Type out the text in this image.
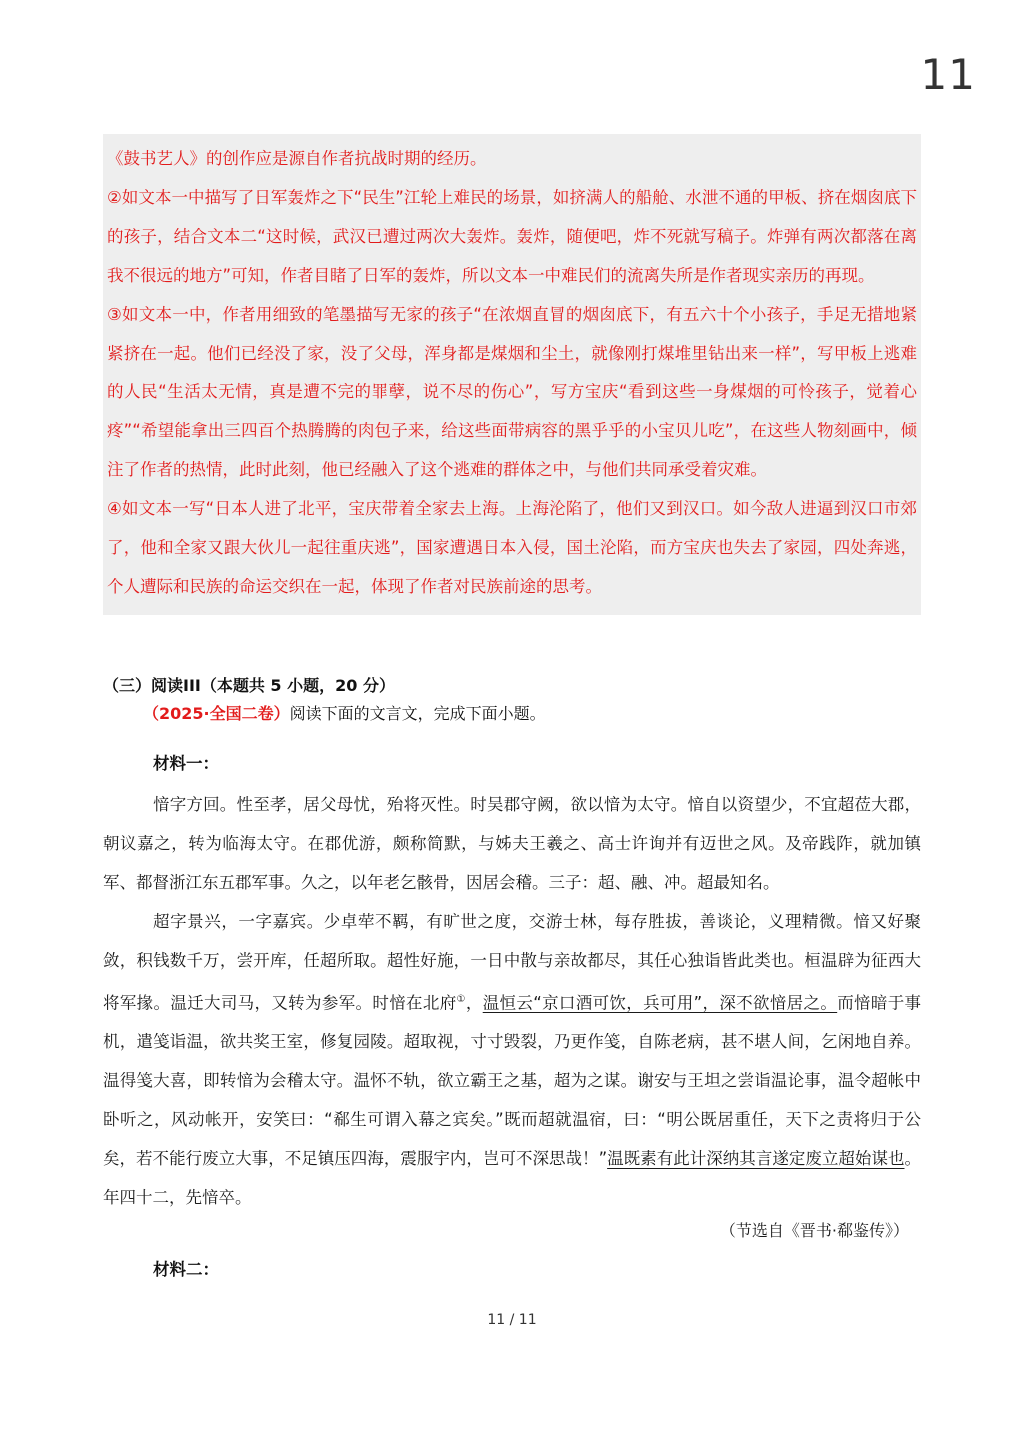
11

《鼓书艺人》的创作应是源自作者抗战时期的经历。

②如文本一中描写了日军轰炸之下“民生”江轮上难民的场景，如挤满人的船舱、水泄不通的甲板、挤在烟囱底下的孩子，结合文本二“这时候，武汉已遭过两次大轰炸。轰炸，随便吧，炸不死就写稿子。炸弹有两次都落在离我不很远的地方”可知，作者目睹了日军的轰炸，所以文本一中难民们的流离失所是作者现实亲历的再现。

③如文本一中，作者用细致的笔墨描写无家的孩子“在浓烟直冒的烟囱底下，有五六十个小孩子，手足无措地紧紧挤在一起。他们已经没了家，没了父母，浑身都是煤烟和尘土，就像刚打煤堆里钻出来一样”，写甲板上逃难的人民“生活太无情，真是遭不完的罪孽，说不尽的伤心”，写方宝庆“看到这些一身煤烟的可怜孩子，觉着心疼”“希望能拿出三四百个热腾腾的肉包子来，给这些面带病容的黑乎乎的小宝贝儿吃”，在这些人物刻画中，倾注了作者的热情，此时此刻，他已经融入了这个逃难的群体之中，与他们共同承受着灾难。

④如文本一写“日本人进了北平，宝庆带着全家去上海。上海沦陷了，他们又到汉口。如今敌人进逼到汉口市郊了，他和全家又跟大伙儿一起往重庆逃”，国家遭遇日本入侵，国土沦陷，而方宝庆也失去了家园，四处奔逃，个人遭际和民族的命运交织在一起，体现了作者对民族前途的思考。

（三）阅读III（本题共 5 小题，20 分）
（2025·全国二卷）阅读下面的文言文，完成下面小题。
材料一：

愔字方回。性至孝，居父母忧，殆将灭性。时吴郡守阙，欲以愔为太守。愔自以资望少，不宜超莅大郡，朝议嘉之，转为临海太守。在郡优游，颇称简默，与姊夫王羲之、高士许询并有迈世之风。及帝践阼，就加镇军、都督浙江东五郡军事。久之，以年老乞骸骨，因居会稽。三子：超、融、冲。超最知名。

超字景兴，一字嘉宾。少卓荦不羁，有旷世之度，交游士林，每存胜拔，善谈论，义理精微。愔又好聚敛，积钱数千万，尝开库，任超所取。超性好施，一日中散与亲故都尽，其任心独诣皆此类也。桓温辟为征西大将军掾。温迁大司马，又转为参军。时愔在北府①，温恒云“京口酒可饮，兵可用”，深不欲愔居之。而愔暗于事机，遣笺诣温，欲共奖王室，修复园陵。超取视，寸寸毁裂，乃更作笺，自陈老病，甚不堪人间，乞闲地自养。温得笺大喜，即转愔为会稽太守。温怀不轨，欲立霸王之基，超为之谋。谢安与王坦之尝诣温论事，温令超帐中卧听之，风动帐开，安笑曰：“郗生可谓入幕之宾矣。”既而超就温宿，曰：“明公既居重任，天下之责将归于公矣，若不能行废立大事，不足镇压四海，震服宇内，岂可不深思哉！”温既素有此计深纳其言遂定废立超始谋也。年四十二，先愔卒。

（节选自《晋书·郗鉴传》）
材料二：
11 / 11
